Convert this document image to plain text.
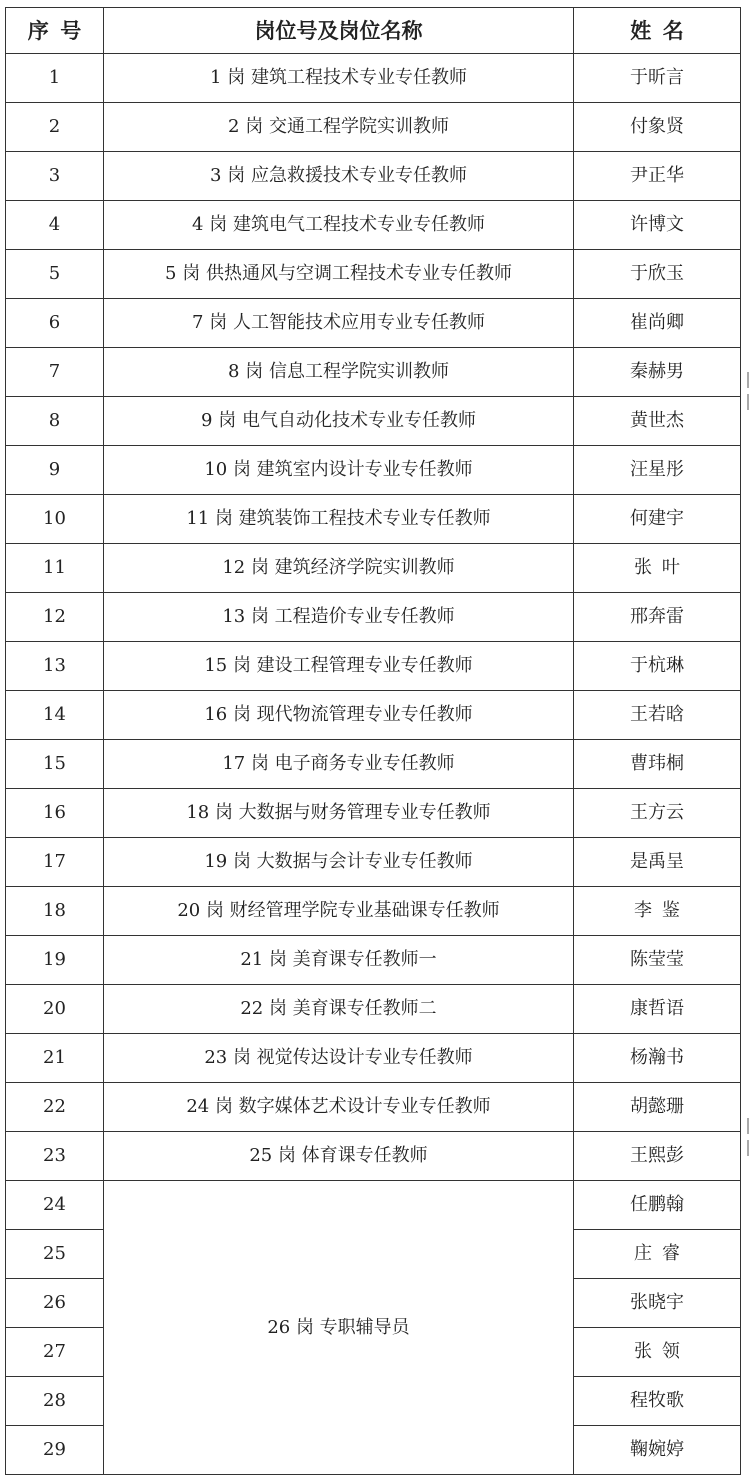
序号	岗位号及岗位名称	姓名
1	1 岗 建筑工程技术专业专任教师	于昕言
2	2 岗 交通工程学院实训教师	付象贤
3	3 岗 应急救援技术专业专任教师	尹正华
4	4 岗 建筑电气工程技术专业专任教师	许博文
5	5 岗 供热通风与空调工程技术专业专任教师	于欣玉
6	7 岗 人工智能技术应用专业专任教师	崔尚卿
7	8 岗 信息工程学院实训教师	秦赫男
8	9 岗 电气自动化技术专业专任教师	黄世杰
9	10 岗 建筑室内设计专业专任教师	汪星彤
10	11 岗 建筑装饰工程技术专业专任教师	何建宇
11	12 岗 建筑经济学院实训教师	张叶
12	13 岗 工程造价专业专任教师	邢奔雷
13	15 岗 建设工程管理专业专任教师	于杭琳
14	16 岗 现代物流管理专业专任教师	王若晗
15	17 岗 电子商务专业专任教师	曹玮桐
16	18 岗 大数据与财务管理专业专任教师	王方云
17	19 岗 大数据与会计专业专任教师	是禹呈
18	20 岗 财经管理学院专业基础课专任教师	李鉴
19	21 岗 美育课专任教师一	陈莹莹
20	22 岗 美育课专任教师二	康哲语
21	23 岗 视觉传达设计专业专任教师	杨瀚书
22	24 岗 数字媒体艺术设计专业专任教师	胡懿珊
23	25 岗 体育课专任教师	王熙彭
24	26 岗 专职辅导员	任鹏翰
25		庄睿
26		张晓宇
27		张领
28		程牧歌
29		鞠婉婷
